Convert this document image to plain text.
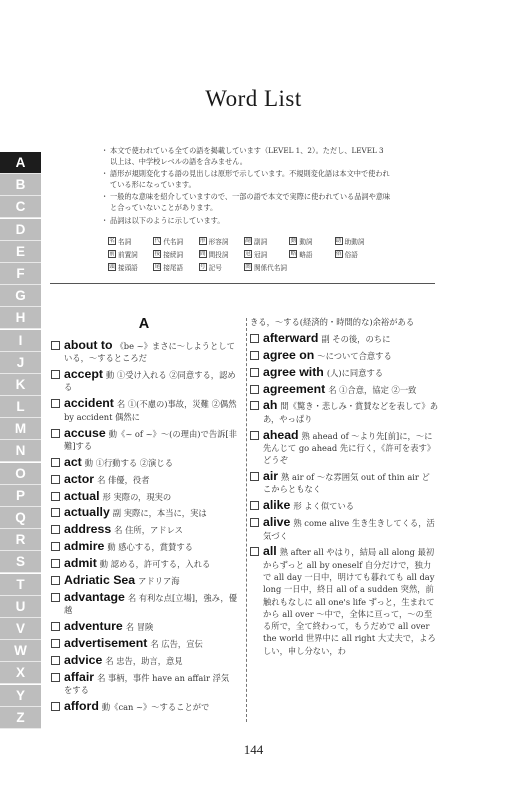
Word List

・ 本文で使われている全ての語を掲載しています（LEVEL 1、2）。ただし、LEVEL 3 以上は、中学校レベルの語を含みません。

・ 語形が規則変化する語の見出しは原形で示しています。不規則変化語は本文中で使われている形になっています。

・ 一般的な意味を紹介していますので、一部の語で本文で実際に使われている品詞や意味と合っていないことがあります。

・ 品詞は以下のように示しています。

名 名詞	代 代名詞	形 形容詞	副 副詞	動 動詞	助 助動詞
前 前置詞	接 接続詞	間 間投詞	冠 冠詞	略 略語	俗 俗語
頭 接頭語	尾 接尾語	号 記号	関 関係代名詞
A
B
C
D
E
F
G
H
I
J
K
L
M
N
O
P
Q
R
S
T
U
V
W
X
Y
Z
A
about to 《be ~》まさに～しようとしている，～するところだ
accept 動 ①受け入れる ②同意する，認める
accident 名 ①(不慮の)事故，災難 ②偶然 by accident 偶然に
accuse 動《~ of ~》～(の理由)で告訴[非難]する
act 動 ①行動する ②演じる
actor 名 俳優，役者
actual 形 実際の，現実の
actually 副 実際に，本当に，実は
address 名 住所，アドレス
admire 動 感心する，賞賛する
admit 動 認める，許可する，入れる
Adriatic Sea アドリア海
advantage 名 有利な点[立場]，強み，優越
adventure 名 冒険
advertisement 名 広告，宣伝
advice 名 忠告，助言，意見
affair 名 事柄，事件 have an affair 浮気をする
afford 動《can ~》～することがで
きる，～する(経済的・時間的な)余裕がある
afterward 副 その後，のちに
agree on ～について合意する
agree with (人)に同意する
agreement 名 ①合意，協定 ②一致
ah 間《驚き・悲しみ・賞賛などを表して》ああ，やっぱり
ahead 熟 ahead of ～より先[前]に，～に先んじて go ahead 先に行く，《許可を表す》どうぞ
air 熟 air of ～な雰囲気 out of thin air どこからともなく
alike 形 よく似ている
alive 熟 come alive 生き生きしてくる，活気づく
all 熟 after all やはり，結局 all along 最初からずっと all by oneself 自分だけで，独力で all day 一日中，明けても暮れても all day long 一日中，終日 all of a sudden 突然，前触れもなしに all one's life ずっと，生まれてから all over ～中で，全体に亘って，～の至る所で，全て終わって，もうだめで all over the world 世界中に all right 大丈夫で，よろしい，申し分ない，わ
144
